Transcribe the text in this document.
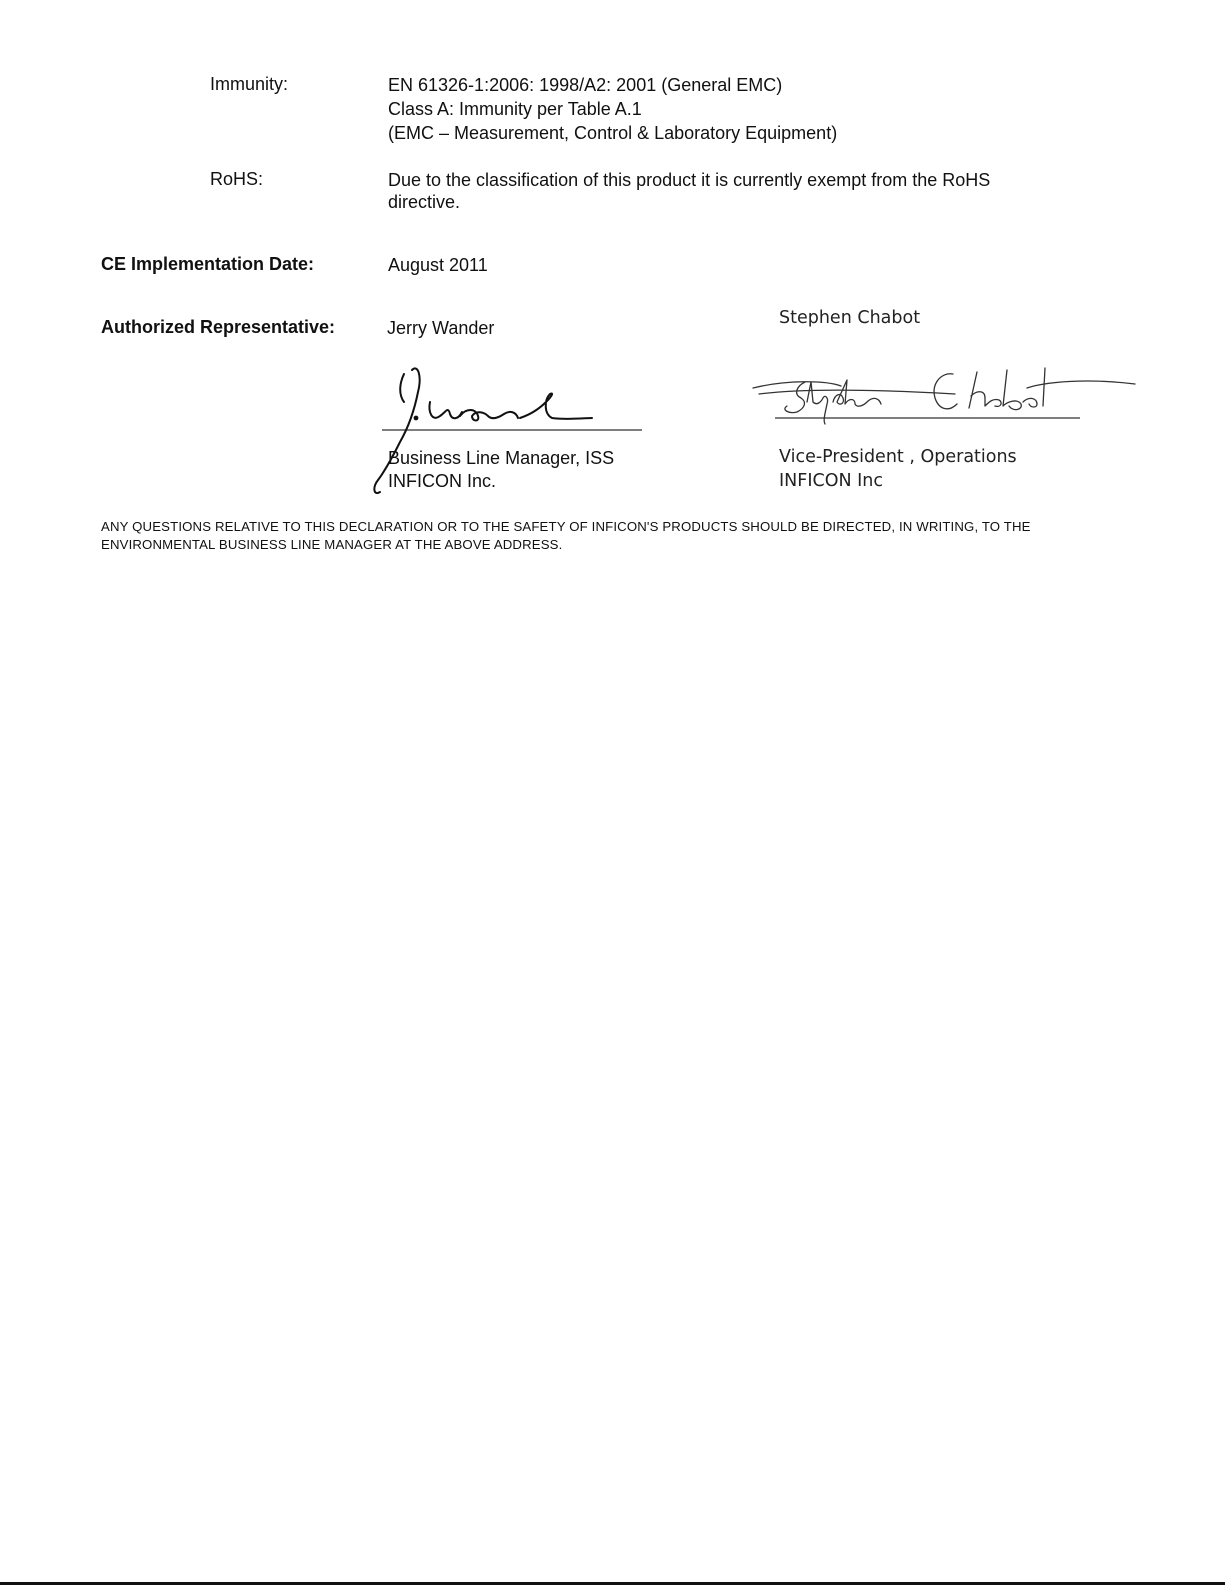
Immunity:	EN 61326-1:2006: 1998/A2: 2001 (General EMC)
Class A: Immunity per Table A.1
(EMC – Measurement, Control & Laboratory Equipment)
RoHS:	Due to the classification of this product it is currently exempt from the RoHS
directive.
CE Implementation Date:	August 2011
Authorized Representative:	Jerry Wander	Stephen Chabot
Business Line Manager, ISS
INFICON Inc.
Vice-President , Operations
INFICON Inc
ANY QUESTIONS RELATIVE TO THIS DECLARATION OR TO THE SAFETY OF INFICON'S PRODUCTS SHOULD BE DIRECTED, IN WRITING, TO THE ENVIRONMENTAL BUSINESS LINE MANAGER AT THE ABOVE ADDRESS.
